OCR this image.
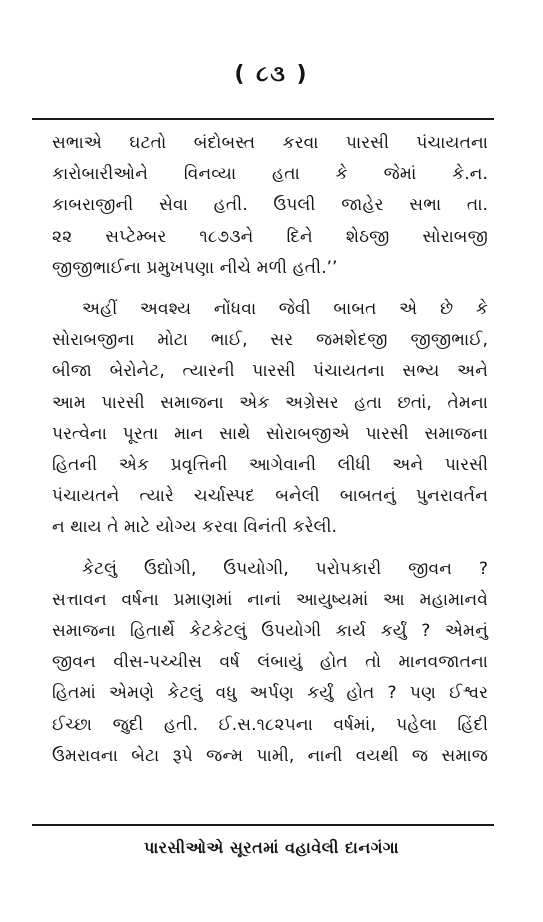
( ૮૩ )

સભાએ ઘટતો બંદોબસ્ત કરવા પારસી પંચાયતના
કારોબારીઓને વિનવ્યા હતા કે જેમાં કે.ન.
કાબરાજીની સેવા હતી. ઉપલી જાહેર સભા તા.
૨૨ સપ્ટેમ્બર ૧૮૭૩ને દિને શેઠજી સોરાબજી
જીજીભાઈના પ્રમુખપણા નીચે મળી હતી.’’

અહીં અવશ્ય નોંધવા જેવી બાબત એ છે કે
સોરાબજીના મોટા ભાઈ, સર જમશેદજી જીજીભાઈ,
બીજા બેરોનેટ, ત્યારની પારસી પંચાયતના સભ્ય અને
આમ પારસી સમાજના એક અગ્રેસર હતા છતાં, તેમના
પરત્વેના પૂરતા માન સાથે સોરાબજીએ પારસી સમાજના
હિતની એક પ્રવૃત્તિની આગેવાની લીધી અને પારસી
પંચાયતને ત્યારે ચર્ચાસ્પદ બનેલી બાબતનું પુનરાવર્તન
ન થાય તે માટે યોગ્ય કરવા વિનંતી કરેલી.

કેટલું ઉદ્યોગી, ઉપયોગી, પરોપકારી જીવન ?
સત્તાવન વર્ષના પ્રમાણમાં નાનાં આયુષ્યમાં આ મહામાનવે
સમાજના હિતાર્થે કેટકેટલું ઉપયોગી કાર્ય કર્યું ? એમનું
જીવન વીસ-પચ્ચીસ વર્ષ લંબાયું હોત તો માનવજાતના
હિતમાં એમણે કેટલું વધુ અર્પણ કર્યું હોત ? પણ ઈશ્વર
ઈચ્છા જુદી હતી. ઈ.સ.૧૮૨૫ના વર્ષમાં, પહેલા હિંદી
ઉમરાવના બેટા રૂપે જન્મ પામી, નાની વયથી જ સમાજ

પારસીઓએ સૂરતમાં વહાવેલી દાનગંગા
